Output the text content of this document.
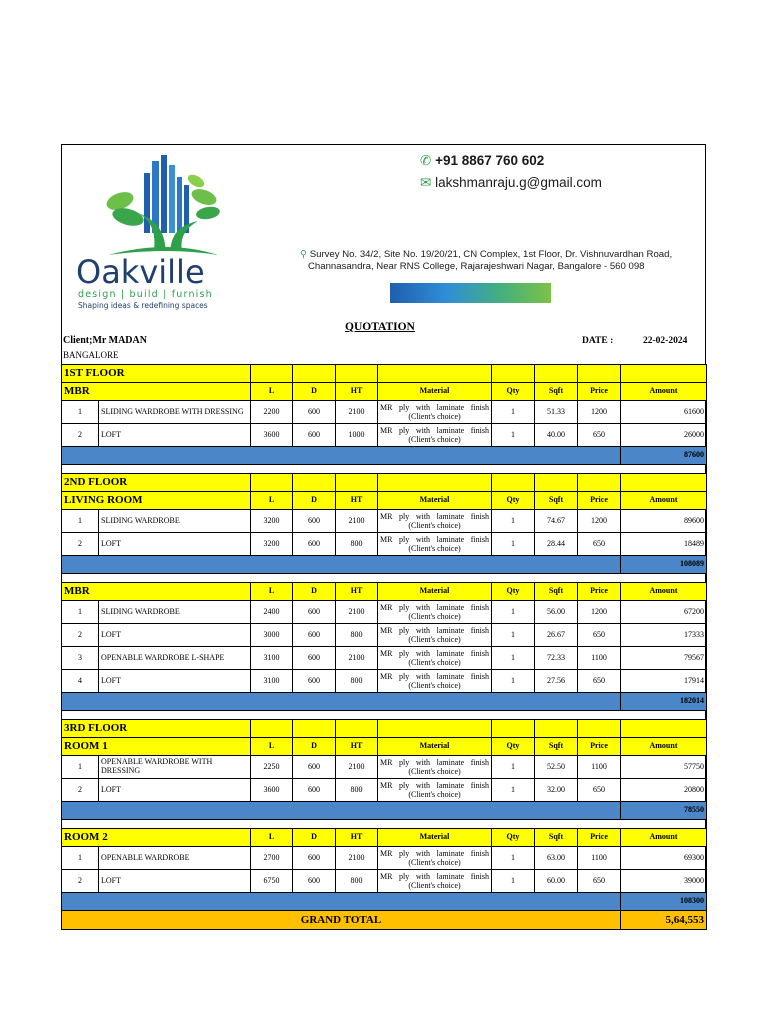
Oakville
design | build | furnish
Shaping ideas & redefining spaces
✆ +91 8867 760 602
✉ lakshmanraju.g@gmail.com
⚲ Survey No. 34/2, Site No. 19/20/21, CN Complex, 1st Floor, Dr. Vishnuvardhan Road,
Channasandra, Near RNS College, Rajarajeshwari Nagar, Bangalore - 560 098
QUOTATION
Client;Mr MADAN
BANGALORE
DATE :	22-02-2024
1ST FLOOR									
MBR		L	D	HT	Material	Qty	Sqft	Price	Amount
1	SLIDING WARDROBE WITH DRESSING	2200	600	2100	MR ply with laminate finish (Client's choice)	1	51.33	1200	61600
2	LOFT	3600	600	1000	MR ply with laminate finish (Client's choice)	1	40.00	650	26000
									87600

2ND FLOOR									
LIVING ROOM		L	D	HT	Material	Qty	Sqft	Price	Amount
1	SLIDING WARDROBE	3200	600	2100	MR ply with laminate finish (Client's choice)	1	74.67	1200	89600
2	LOFT	3200	600	800	MR ply with laminate finish (Client's choice)	1	28.44	650	18489
									108089

MBR		L	D	HT	Material	Qty	Sqft	Price	Amount
1	SLIDING WARDROBE	2400	600	2100	MR ply with laminate finish (Client's choice)	1	56.00	1200	67200
2	LOFT	3000	600	800	MR ply with laminate finish (Client's choice)	1	26.67	650	17333
3	OPENABLE WARDROBE L-SHAPE	3100	600	2100	MR ply with laminate finish (Client's choice)	1	72.33	1100	79567
4	LOFT	3100	600	800	MR ply with laminate finish (Client's choice)	1	27.56	650	17914
									182014

3RD FLOOR									
ROOM 1		L	D	HT	Material	Qty	Sqft	Price	Amount
1	OPENABLE WARDROBE WITH DRESSING	2250	600	2100	MR ply with laminate finish (Client's choice)	1	52.50	1100	57750
2	LOFT	3600	600	800	MR ply with laminate finish (Client's choice)	1	32.00	650	20800
									78550

ROOM 2		L	D	HT	Material	Qty	Sqft	Price	Amount
1	OPENABLE WARDROBE	2700	600	2100	MR ply with laminate finish (Client's choice)	1	63.00	1100	69300
2	LOFT	6750	600	800	MR ply with laminate finish (Client's choice)	1	60.00	650	39000
									108300
GRAND TOTAL									5,64,553
